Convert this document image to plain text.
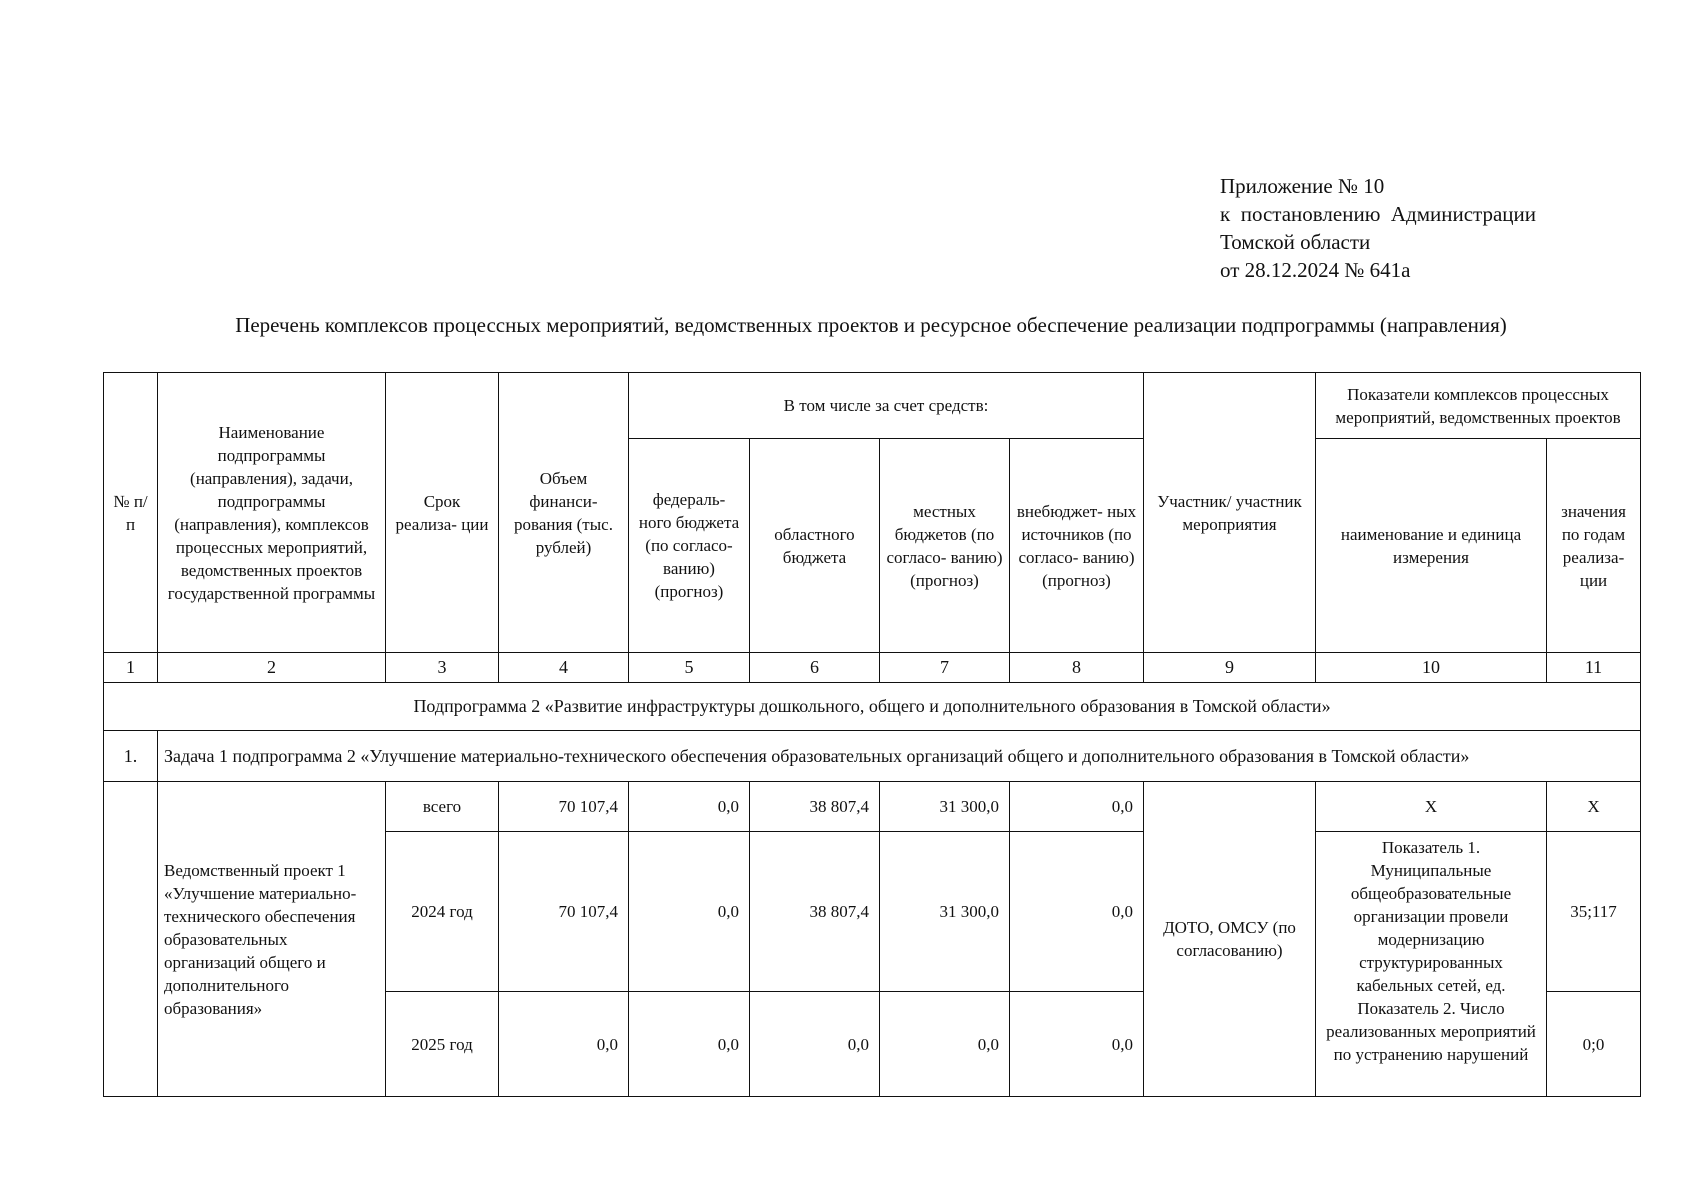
Приложение № 10
к  постановлению  Администрации
Томской области
от 28.12.2024 № 641а
Перечень комплексов процессных мероприятий, ведомственных проектов и ресурсное обеспечение реализации подпрограммы (направления)
№ п/п	Наименование подпрограммы (направления), задачи, подпрограммы (направления), комплексов процессных мероприятий, ведомственных проектов государственной программы	Срок реализа- ции	Объем финанси- рования (тыс. рублей)	В том числе за счет средств:				Участник/ участник мероприятия	Показатели комплексов процессных мероприятий, ведомственных проектов	
				федераль- ного бюджета (по согласо- ванию) (прогноз)	областного бюджета	местных бюджетов (по согласо- ванию) (прогноз)	внебюджет- ных источников (по согласо- ванию) (прогноз)		наименование и единица измерения	значения по годам реализа- ции
1	2	3	4	5	6	7	8	9	10	11
Подпрограмма 2 «Развитие инфраструктуры дошкольного, общего и дополнительного образования в Томской области»										
1.	Задача 1 подпрограмма 2 «Улучшение материально-технического обеспечения образовательных организаций общего и дополнительного образования в Томской области»									
	Ведомственный проект 1 «Улучшение материально-технического обеспечения образовательных организаций общего и дополнительного образования»	всего	70 107,4	0,0	38 807,4	31 300,0	0,0	ДОТО, ОМСУ (по согласованию)	Х	Х
		2024 год	70 107,4	0,0	38 807,4	31 300,0	0,0		Показатель 1. Муниципальные общеобразовательные организации провели модернизацию структурированных кабельных сетей, ед. Показатель 2. Число реализованных мероприятий по устранению нарушений	35;117
		2025 год	0,0	0,0	0,0	0,0	0,0			0;0
